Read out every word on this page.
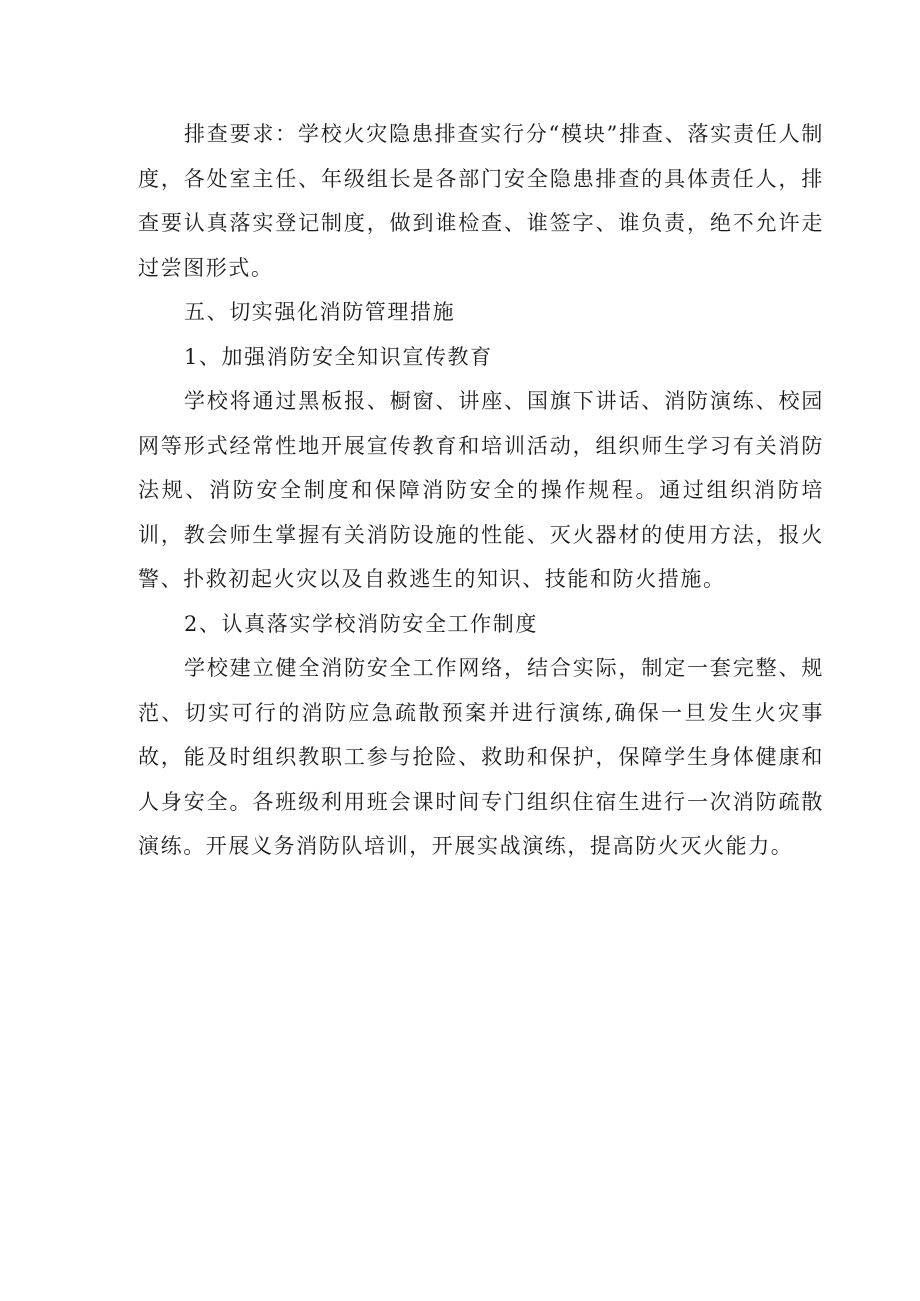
排查要求：学校火灾隐患排查实行分“模块”排查、落实责任人制度，各处室主任、年级组长是各部门安全隐患排查的具体责任人，排查要认真落实登记制度，做到谁检查、谁签字、谁负责，绝不允许走过尝图形式。

五、切实强化消防管理措施

1、加强消防安全知识宣传教育

学校将通过黑板报、橱窗、讲座、国旗下讲话、消防演练、校园网等形式经常性地开展宣传教育和培训活动，组织师生学习有关消防法规、消防安全制度和保障消防安全的操作规程。通过组织消防培训，教会师生掌握有关消防设施的性能、灭火器材的使用方法，报火警、扑救初起火灾以及自救逃生的知识、技能和防火措施。

2、认真落实学校消防安全工作制度

学校建立健全消防安全工作网络，结合实际，制定一套完整、规范、切实可行的消防应急疏散预案并进行演练,确保一旦发生火灾事故，能及时组织教职工参与抢险、救助和保护，保障学生身体健康和人身安全。各班级利用班会课时间专门组织住宿生进行一次消防疏散演练。开展义务消防队培训，开展实战演练，提高防火灭火能力。
